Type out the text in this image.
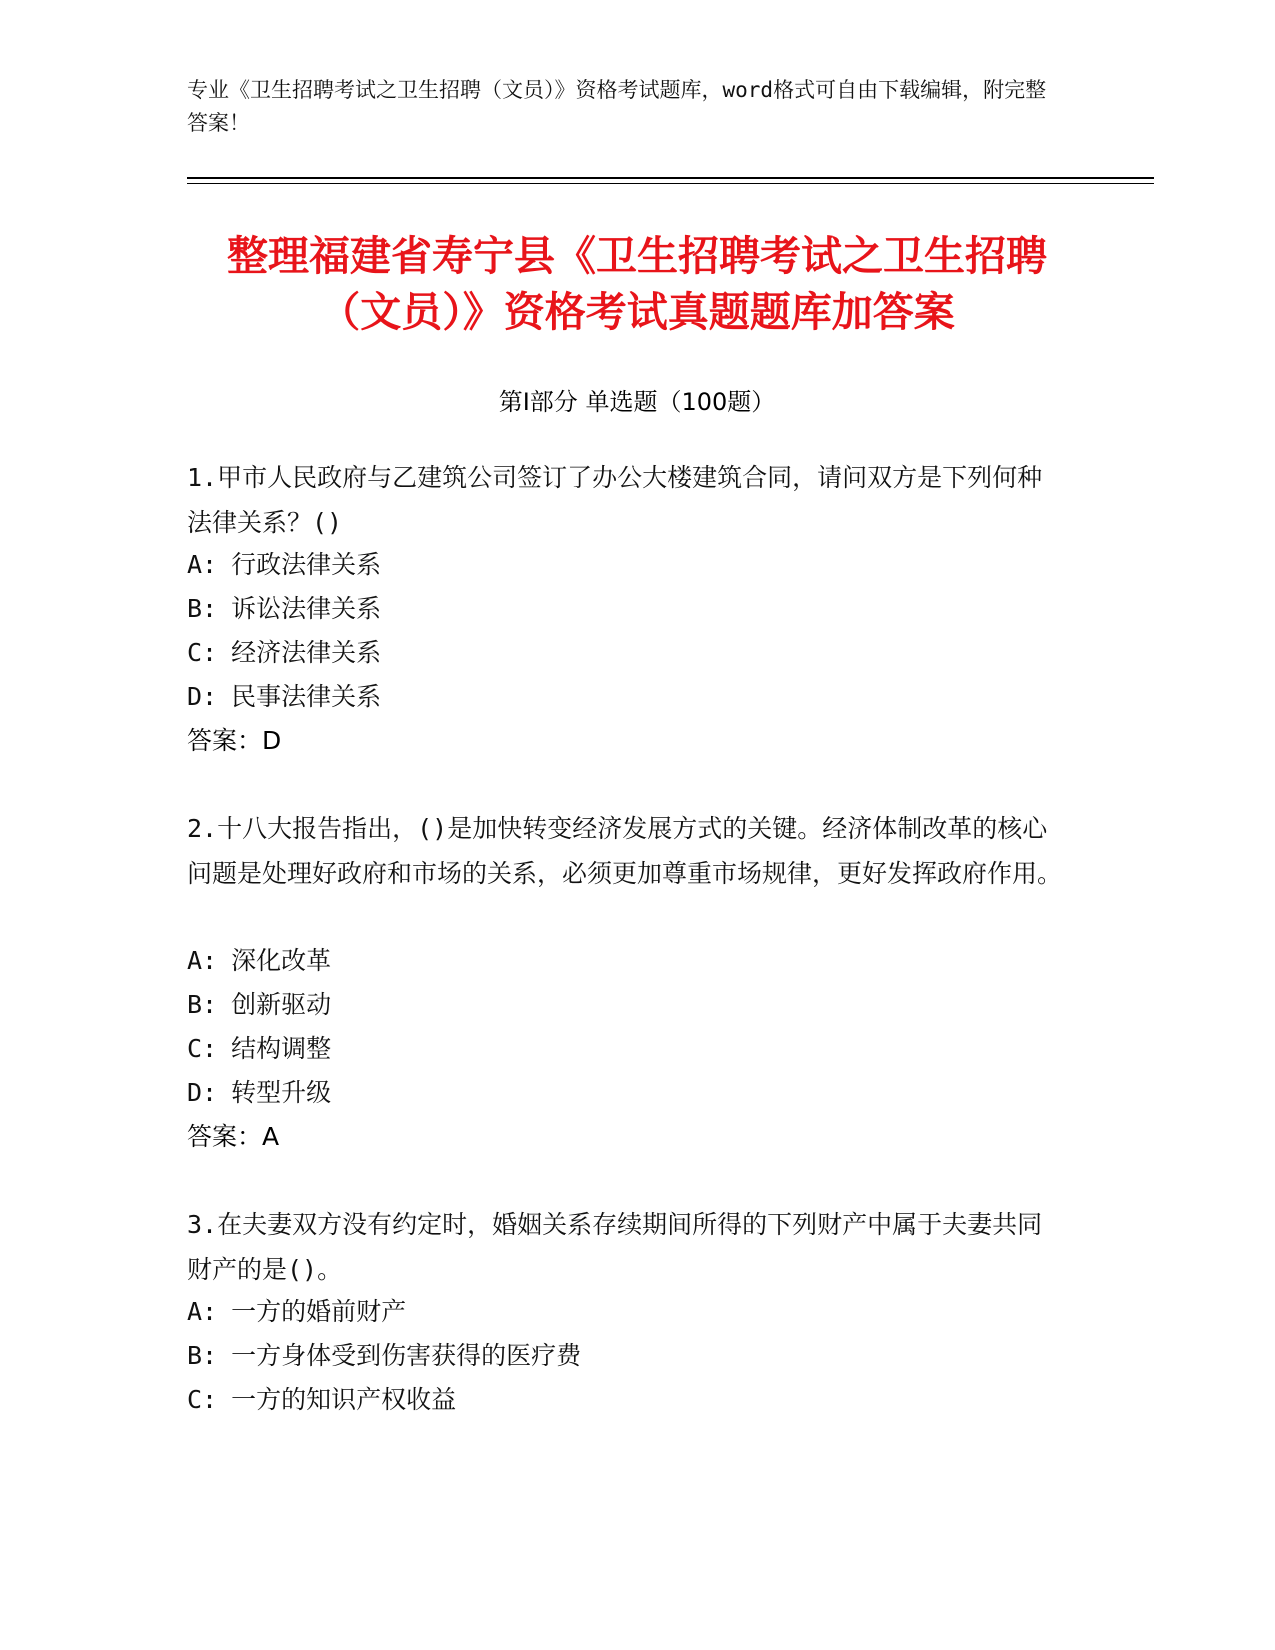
专业《卫生招聘考试之卫生招聘（文员）》资格考试题库，word格式可自由下载编辑，附完整答案！
整理福建省寿宁县《卫生招聘考试之卫生招聘（文员）》资格考试真题题库加答案
第Ⅰ部分 单选题（100题）
1.甲市人民政府与乙建筑公司签订了办公大楼建筑合同，请问双方是下列何种法律关系？()
A: 行政法律关系
B: 诉讼法律关系
C: 经济法律关系
D: 民事法律关系
答案：D
2.十八大报告指出，()是加快转变经济发展方式的关键。经济体制改革的核心问题是处理好政府和市场的关系，必须更加尊重市场规律，更好发挥政府作用。
A: 深化改革
B: 创新驱动
C: 结构调整
D: 转型升级
答案：A
3.在夫妻双方没有约定时，婚姻关系存续期间所得的下列财产中属于夫妻共同财产的是()。
A: 一方的婚前财产
B: 一方身体受到伤害获得的医疗费
C: 一方的知识产权收益
